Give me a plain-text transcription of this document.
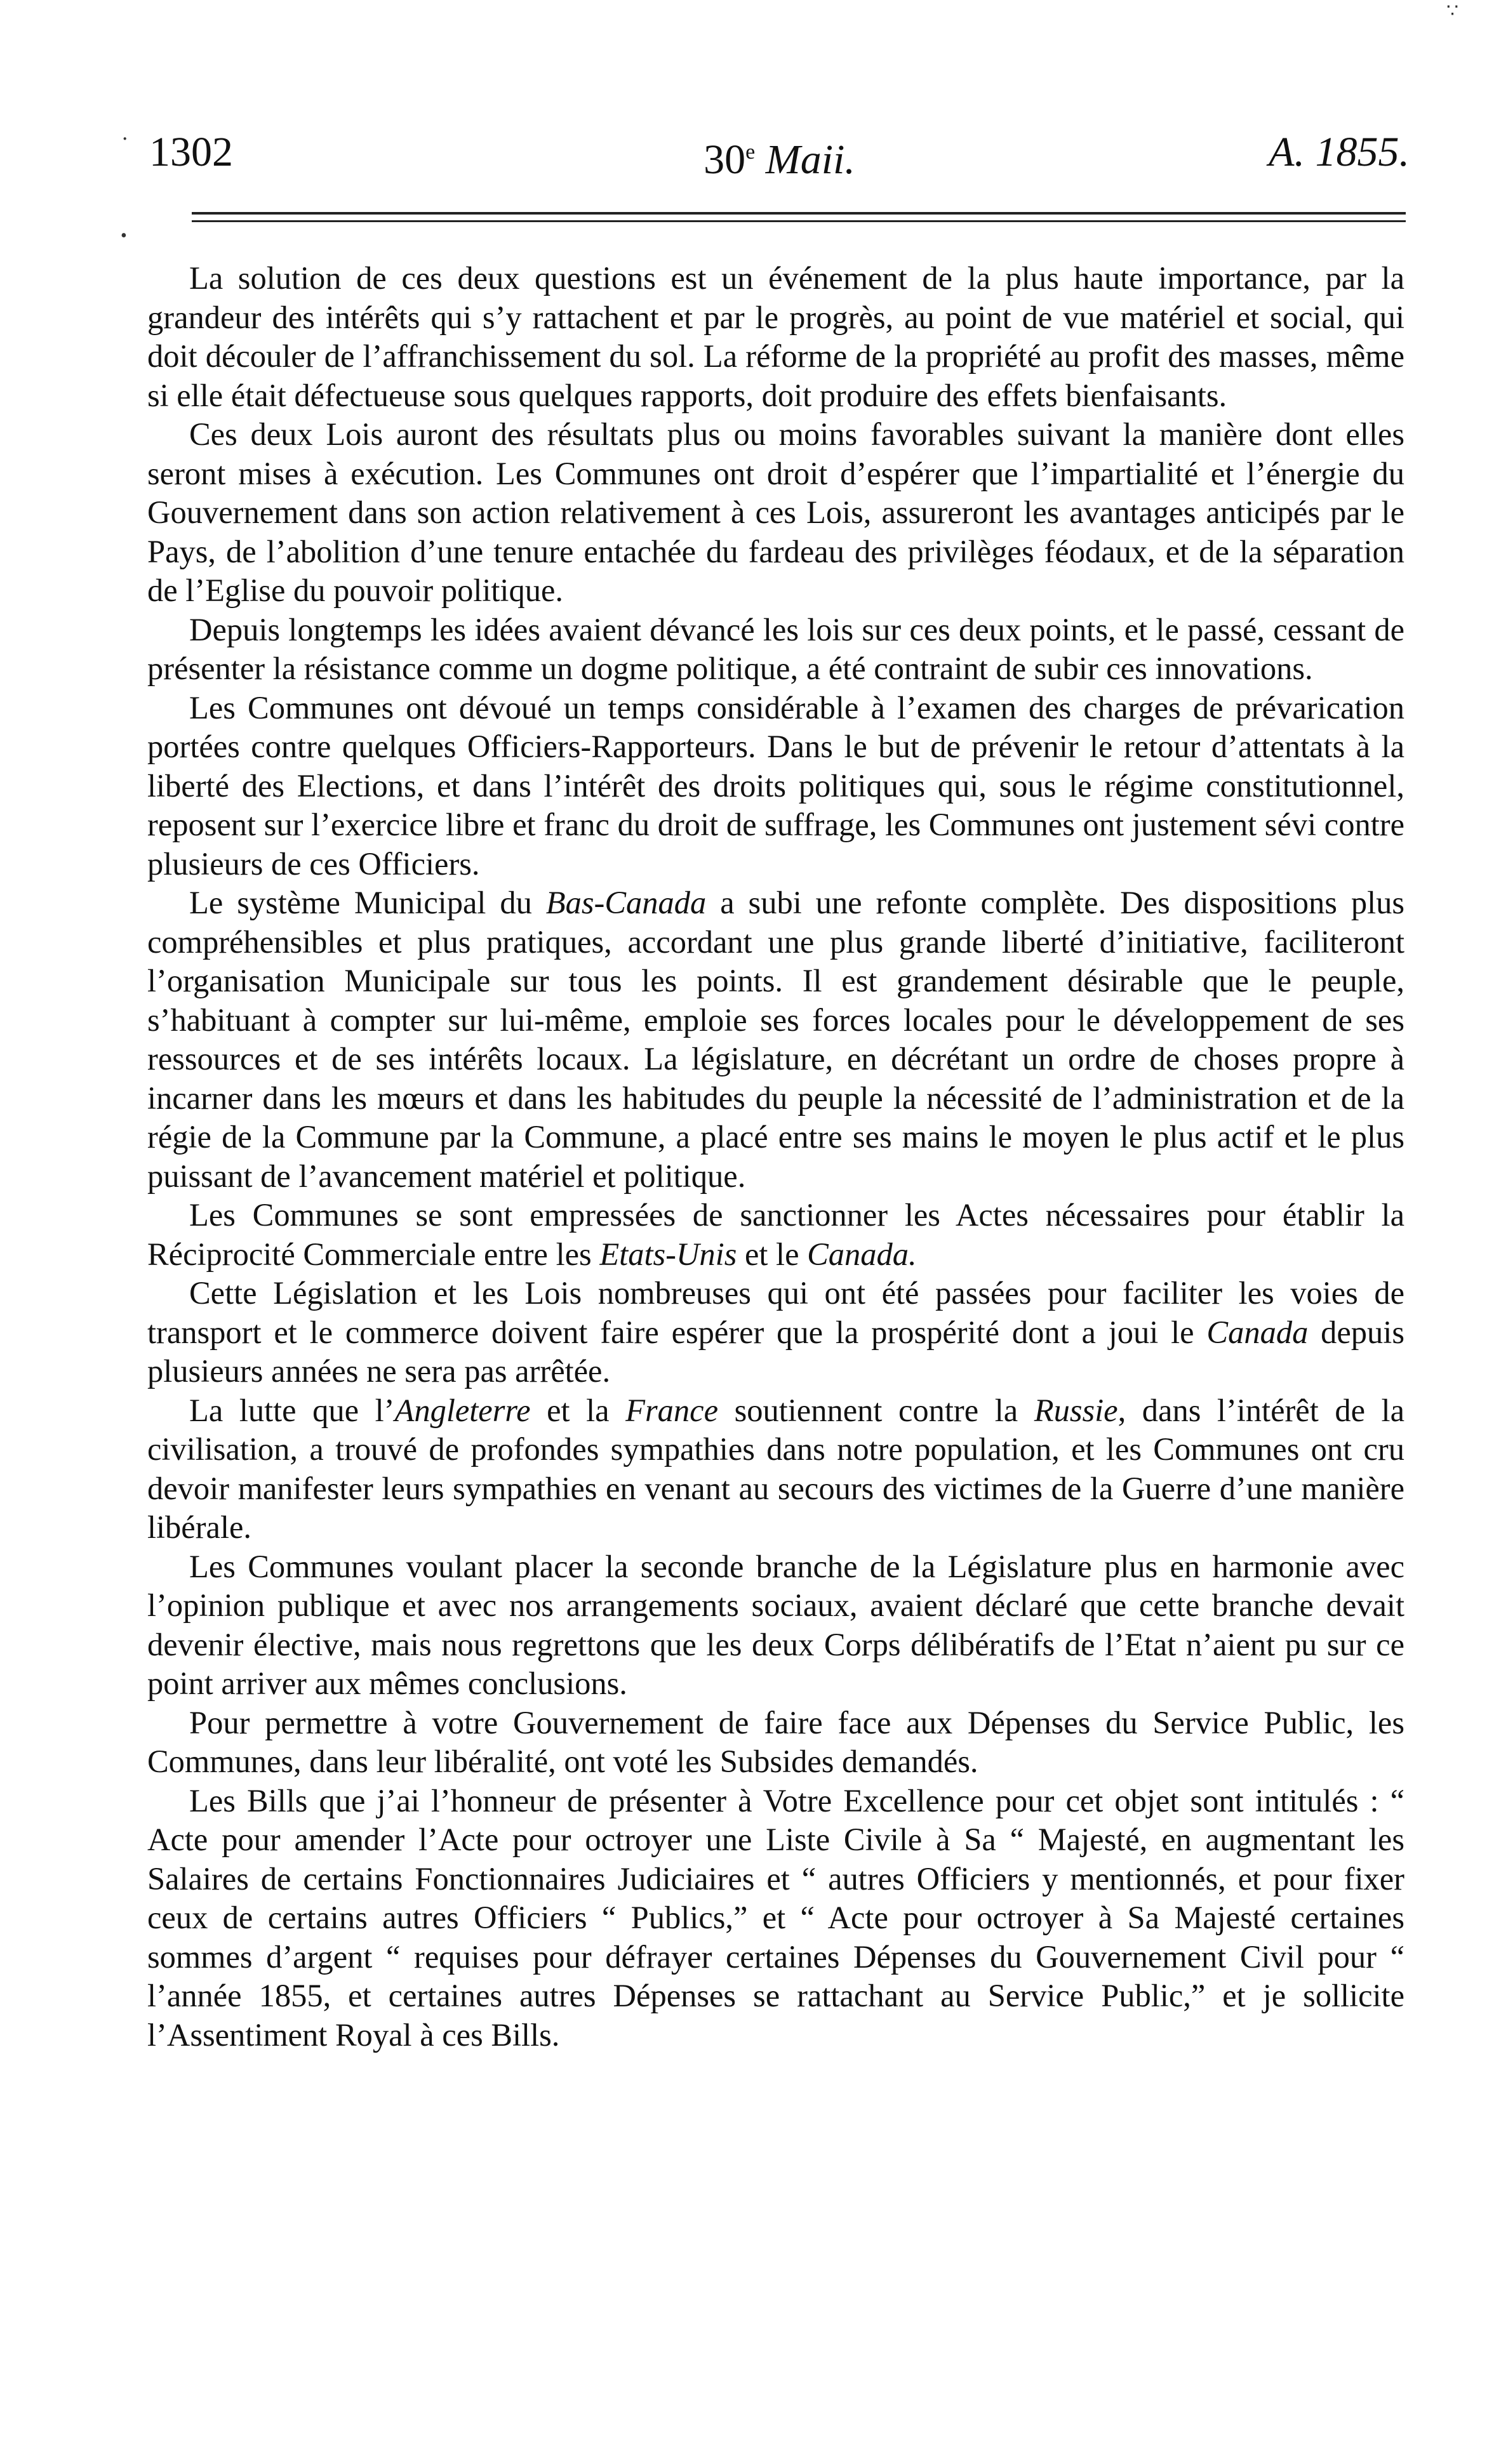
1302	30e Maii.	A. 1855.

La solution de ces deux questions est un événement de la plus haute importance, par la grandeur des intérêts qui s’y rattachent et par le progrès, au point de vue matériel et social, qui doit découler de l’affranchissement du sol. La réforme de la propriété au profit des masses, même si elle était défectueuse sous quelques rapports, doit produire des effets bienfaisants.

Ces deux Lois auront des résultats plus ou moins favorables suivant la manière dont elles seront mises à exécution. Les Communes ont droit d’espérer que l’impartialité et l’énergie du Gouvernement dans son action relativement à ces Lois, assureront les avantages anticipés par le Pays, de l’abolition d’une tenure entachée du fardeau des privilèges féodaux, et de la séparation de l’Eglise du pouvoir politique.

Depuis longtemps les idées avaient dévancé les lois sur ces deux points, et le passé, cessant de présenter la résistance comme un dogme politique, a été contraint de subir ces innovations.

Les Communes ont dévoué un temps considérable à l’examen des charges de prévarication portées contre quelques Officiers-Rapporteurs. Dans le but de prévenir le retour d’attentats à la liberté des Elections, et dans l’intérêt des droits politiques qui, sous le régime constitutionnel, reposent sur l’exercice libre et franc du droit de suffrage, les Communes ont justement sévi contre plusieurs de ces Officiers.

Le système Municipal du Bas-Canada a subi une refonte complète. Des dispositions plus compréhensibles et plus pratiques, accordant une plus grande liberté d’initiative, faciliteront l’organisation Municipale sur tous les points. Il est grandement désirable que le peuple, s’habituant à compter sur lui-même, emploie ses forces locales pour le développement de ses ressources et de ses intérêts locaux. La législature, en décrétant un ordre de choses propre à incarner dans les mœurs et dans les habitudes du peuple la nécessité de l’administration et de la régie de la Commune par la Commune, a placé entre ses mains le moyen le plus actif et le plus puissant de l’avancement matériel et politique.

Les Communes se sont empressées de sanctionner les Actes nécessaires pour établir la Réciprocité Commerciale entre les Etats-Unis et le Canada.

Cette Législation et les Lois nombreuses qui ont été passées pour faciliter les voies de transport et le commerce doivent faire espérer que la prospérité dont a joui le Canada depuis plusieurs années ne sera pas arrêtée.

La lutte que l’Angleterre et la France soutiennent contre la Russie, dans l’intérêt de la civilisation, a trouvé de profondes sympathies dans notre population, et les Communes ont cru devoir manifester leurs sympathies en venant au secours des victimes de la Guerre d’une manière libérale.

Les Communes voulant placer la seconde branche de la Législature plus en harmonie avec l’opinion publique et avec nos arrangements sociaux, avaient déclaré que cette branche devait devenir élective, mais nous regrettons que les deux Corps délibératifs de l’Etat n’aient pu sur ce point arriver aux mêmes conclusions.

Pour permettre à votre Gouvernement de faire face aux Dépenses du Service Public, les Communes, dans leur libéralité, ont voté les Subsides demandés.

Les Bills que j’ai l’honneur de présenter à Votre Excellence pour cet objet sont intitulés : “ Acte pour amender l’Acte pour octroyer une Liste Civile à Sa “ Majesté, en augmentant les Salaires de certains Fonctionnaires Judiciaires et “ autres Officiers y mentionnés, et pour fixer ceux de certains autres Officiers “ Publics,” et “ Acte pour octroyer à Sa Majesté certaines sommes d’argent “ requises pour défrayer certaines Dépenses du Gouvernement Civil pour “ l’année 1855, et certaines autres Dépenses se rattachant au Service Public,” et je sollicite l’Assentiment Royal à ces Bills.

˙
•
∵
